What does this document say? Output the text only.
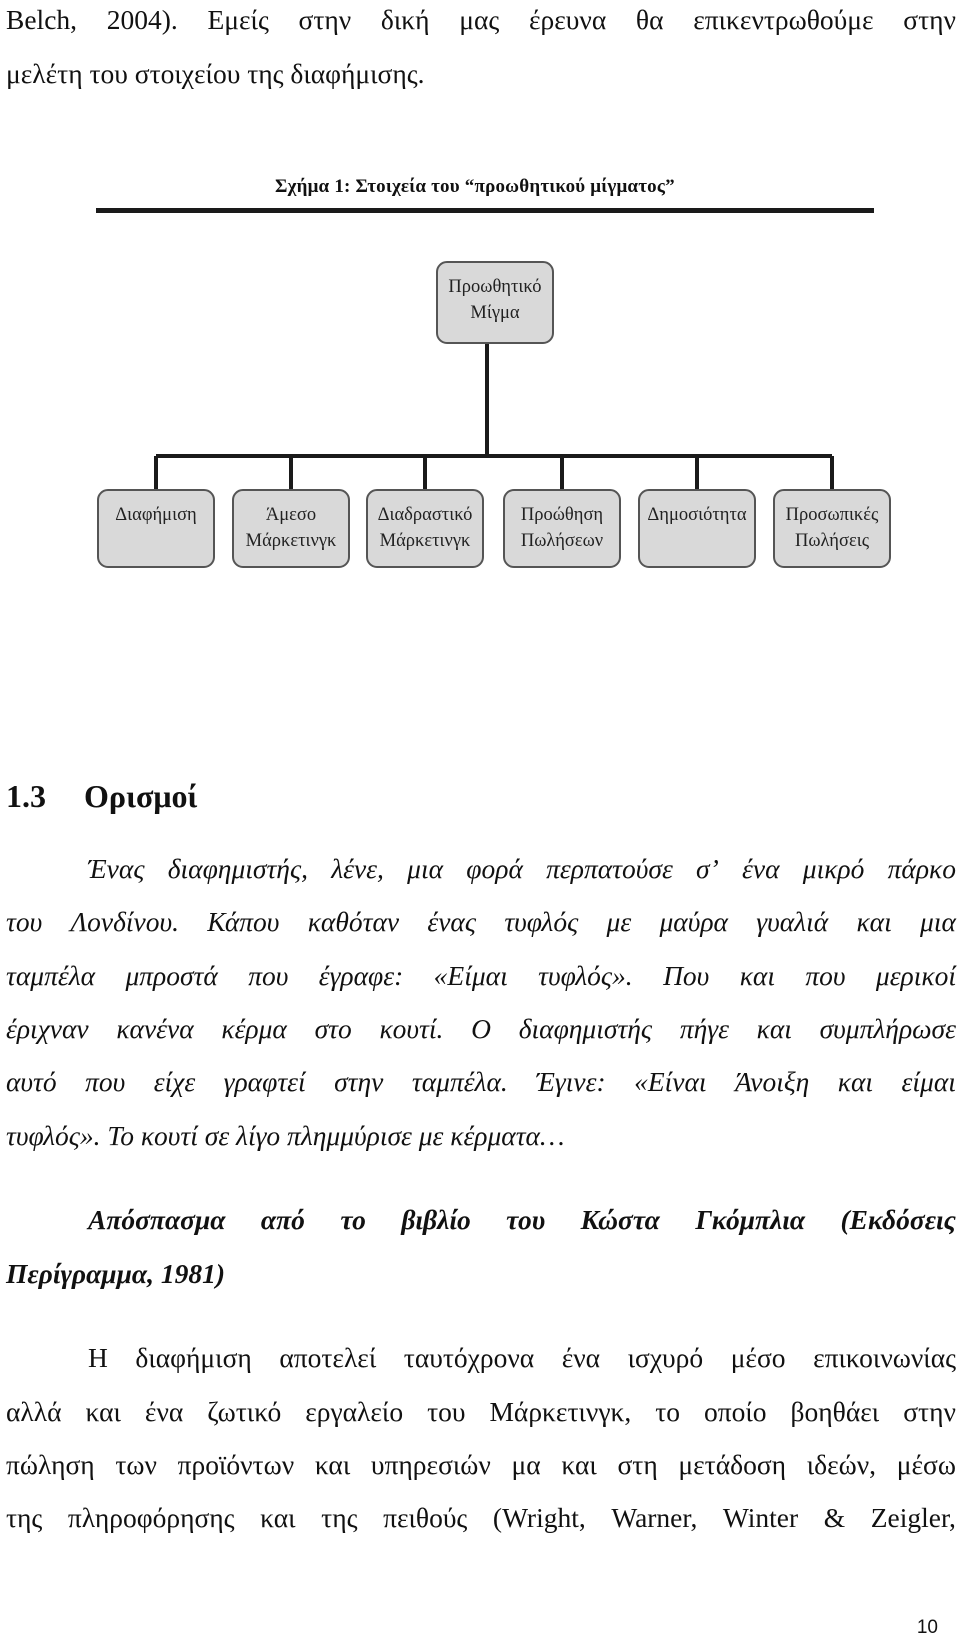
Belch, 2004). Εμείς στην δική μας έρευνα θα επικεντρωθούμε στην
μελέτη του στοιχείου της διαφήμισης.
Σχήμα 1: Στοιχεία του “προωθητικού μίγματος”
Προωθητικό
Μίγμα
Διαφήμιση	Άμεσο
Μάρκετινγκ
Διαδραστικό
Μάρκετινγκ
Προώθηση
Πωλήσεων
Δημοσιότητα	Προσωπικές
Πωλήσεις
1.3 Ορισμοί
Ένας διαφημιστής, λένε, μια φορά περπατούσε σ’ ένα μικρό πάρκο
του Λονδίνου. Κάπου καθόταν ένας τυφλός με μαύρα γυαλιά και μια
ταμπέλα μπροστά που έγραφε: «Είμαι τυφλός». Που και που μερικοί
έριχναν κανένα κέρμα στο κουτί. Ο διαφημιστής πήγε και συμπλήρωσε
αυτό που είχε γραφτεί στην ταμπέλα. Έγινε: «Είναι Άνοιξη και είμαι
τυφλός». Το κουτί σε λίγο πλημμύρισε με κέρματα…
Απόσπασμα από το βιβλίο του Κώστα Γκόμπλια (Εκδόσεις
Περίγραμμα, 1981)
Η διαφήμιση αποτελεί ταυτόχρονα ένα ισχυρό μέσο επικοινωνίας
αλλά και ένα ζωτικό εργαλείο του Μάρκετινγκ, το οποίο βοηθάει στην
πώληση των προϊόντων και υπηρεσιών μα και στη μετάδοση ιδεών, μέσω
της πληροφόρησης και της πειθούς (Wright, Warner, Winter & Zeigler,
10
